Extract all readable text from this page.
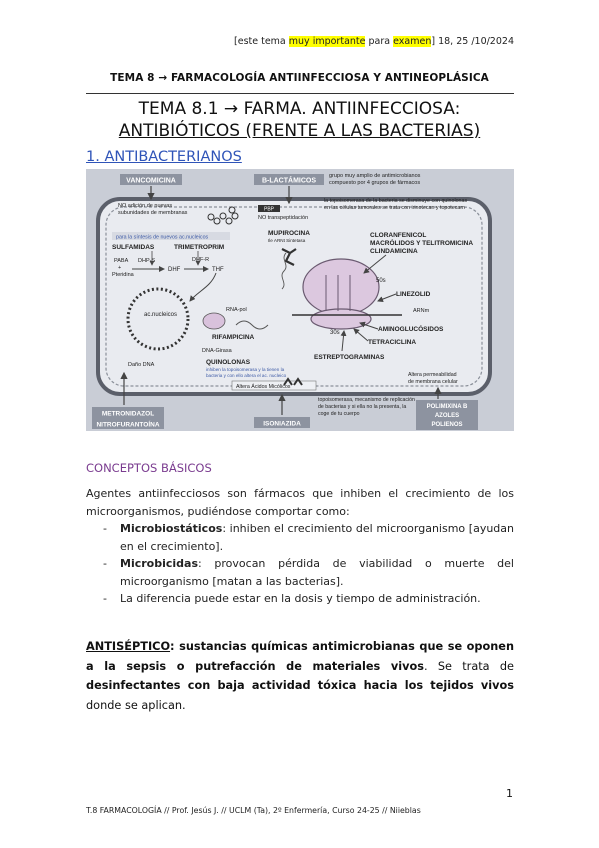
[este tema muy importante para examen] 18, 25 /10/2024
TEMA 8 → FARMACOLOGÍA ANTIINFECCIOSA Y ANTINEOPLÁSICA
TEMA 8.1 → FARMA. ANTIINFECCIOSA:
ANTIBIÓTICOS (FRENTE A LAS BACTERIAS)
1. ANTIBACTERIANOS
VANCOMICINA	B-LACTÁMICOS
PBP
NO transpeptidación
NO adición de nuevas
subunidades de membranas
grupo muy amplio de antimicrobianos
compuesto por 4 grupos de fármacos
la topoisomerasa de la bacteria se disminuye con quinolonas
en las células tumorales se trata con irinotecan y topotecam
para la síntesis de nuevos ac.nucleicos
SULFAMIDAS	TRIMETROPRIM
PABA DHP-S	DHF-R
+
Pteridina
DHF	THF
ac.nucleicos
RNA-pol
RIFAMPICINA
DNA-Girasa
QUINOLONAS
inhiben la topoisomerasa y la tienen la
bacteria y con ello altera el ac. nucleico
Daño DNA
MUPIROCINA
Ile ARNt Sintetasa
50s
30s
ARNm
CLORANFENICOL
MACRÓLIDOS Y TELITROMICINA
CLINDAMICINA
LINEZOLID
AMINOGLUCÓSIDOS
TETRACICLINA
ESTREPTOGRAMINAS
Altera Ácidos Micólicos
Altera permeabilidad
de membrana celular
METRONIDAZOL
NITROFURANTOÍNA	ISONIAZIDA
topoisomerasa, mecanismo de replicación
de bacterias y si ella no la presenta, la
coge de tu cuerpo
POLIMIXINA B
AZOLES
POLIENOS
CONCEPTOS BÁSICOS
Agentes antiinfecciosos son fármacos que inhiben el crecimiento de los microorganismos, pudiéndose comportar como:
- Microbiostáticos: inhiben el crecimiento del microorganismo [ayudan en el crecimiento].
- Microbicidas: provocan pérdida de viabilidad o muerte del microorganismo [matan a las bacterias].
- La diferencia puede estar en la dosis y tiempo de administración.
ANTISÉPTICO: sustancias químicas antimicrobianas que se oponen a la sepsis o putrefacción de materiales vivos. Se trata de desinfectantes con baja actividad tóxica hacia los tejidos vivos donde se aplican.
1
T.8 FARMACOLOGÍA // Prof. Jesús J. // UCLM (Ta), 2º Enfermería, Curso 24-25 // Niieblas
